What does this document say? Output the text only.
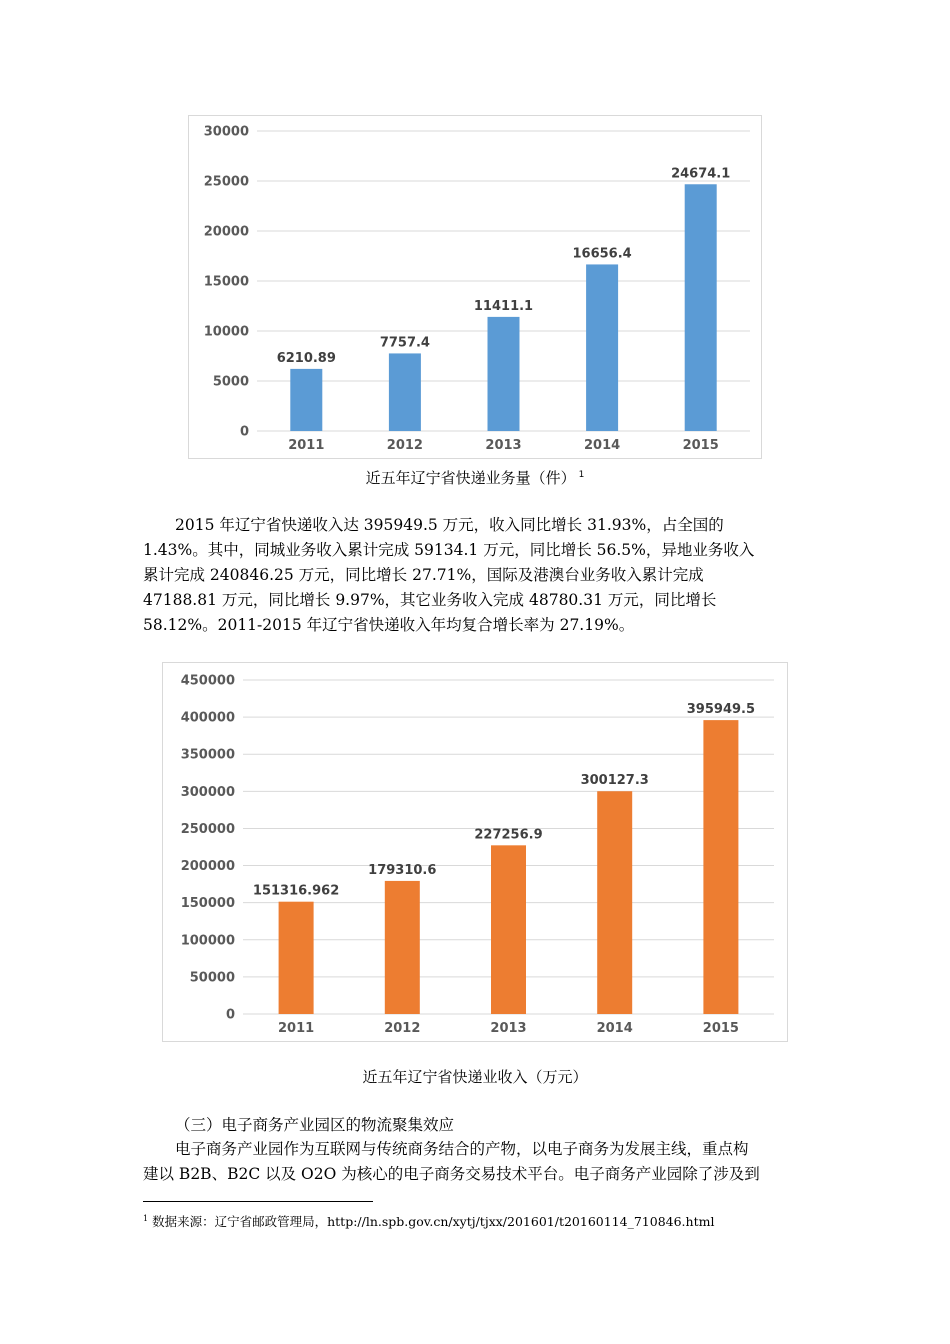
0
5000
10000
15000
20000
25000
30000
6210.89
2011
7757.4
2012
11411.1
2013
16656.4
2014
24674.1
2015
近五年辽宁省快递业务量（件） $^1$
2015 年辽宁省快递收入达 395949.5 万元，收入同比增长 31.93%，占全国的
1.43%。其中，同城业务收入累计完成 59134.1 万元，同比增长 56.5%，异地业务收入
累计完成 240846.25 万元，同比增长 27.71%，国际及港澳台业务收入累计完成
47188.81 万元，同比增长 9.97%，其它业务收入完成 48780.31 万元，同比增长
58.12%。2011-2015 年辽宁省快递收入年均复合增长率为 27.19%。
0
50000
100000
150000
200000
250000
300000
350000
400000
450000
151316.962
2011
179310.6
2012
227256.9
2013
300127.3
2014
395949.5
2015
近五年辽宁省快递业收入（万元）
（三）电子商务产业园区的物流聚集效应
电子商务产业园作为互联网与传统商务结合的产物，以电子商务为发展主线，重点构
建以 B2B、B2C 以及 O2O 为核心的电子商务交易技术平台。电子商务产业园除了涉及到
$^1$ 数据来源：辽宁省邮政管理局，http://ln.spb.gov.cn/xytj/tjxx/201601/t20160114_710846.html
